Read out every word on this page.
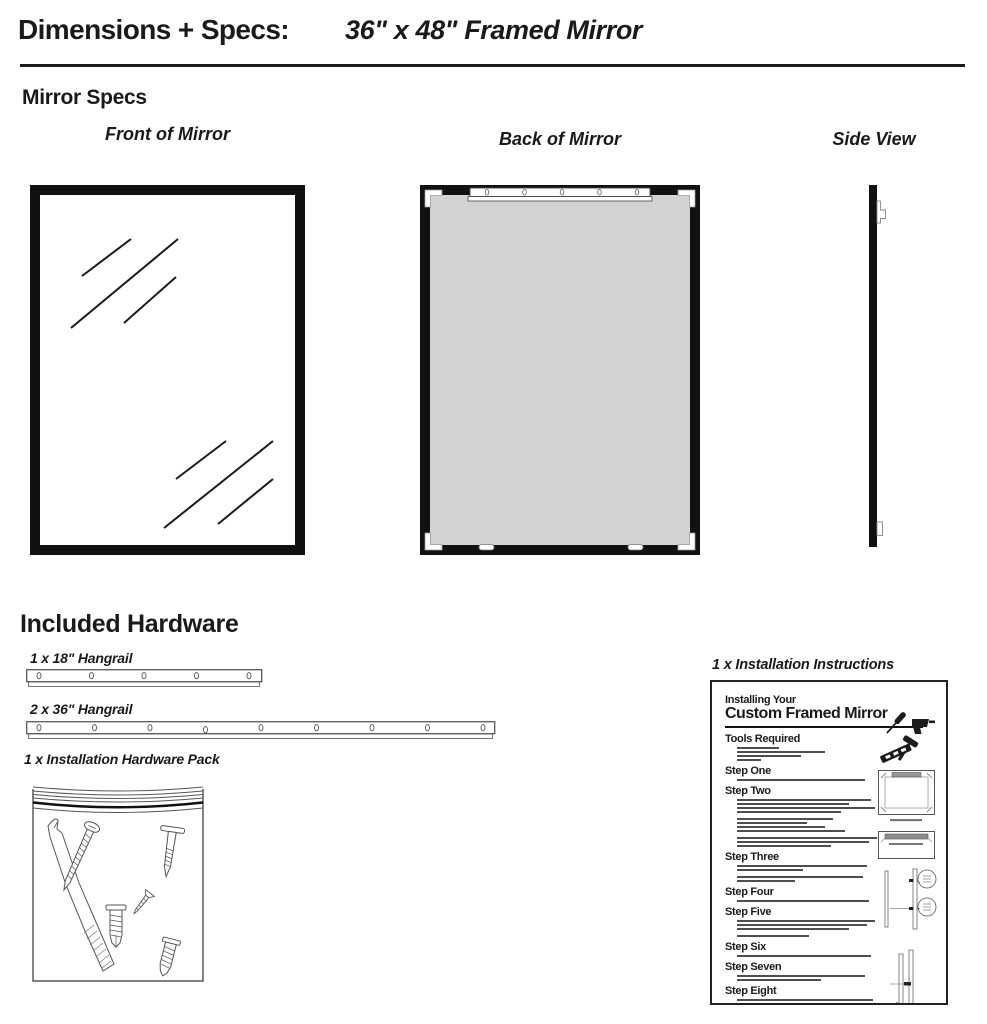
Dimensions + Specs: 36" x 48" Framed Mirror
Mirror Specs
Front of Mirror	Back of Mirror	Side View
Included Hardware
1 x 18" Hangrail
2 x 36" Hangrail
1 x Installation Hardware Pack
1 x Installation Instructions
Installing Your
Custom Framed Mirror
Tools Required
Step One
Step Two
Step Three
Step Four
Step Five
Step Six
Step Seven
Step Eight
